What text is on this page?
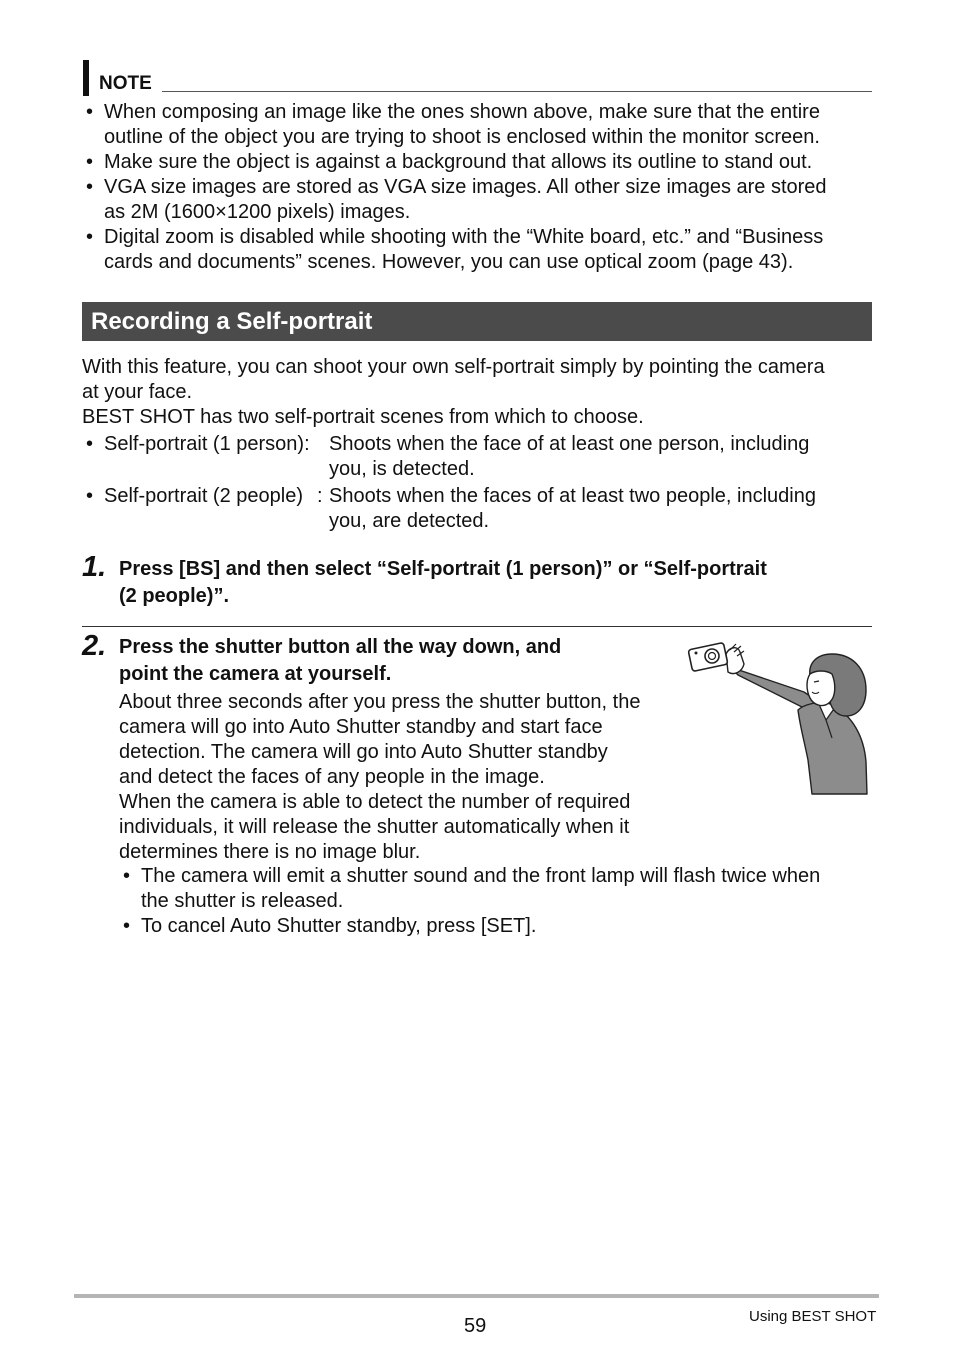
NOTE
• When composing an image like the ones shown above, make sure that the entire
outline of the object you are trying to shoot is enclosed within the monitor screen.
• Make sure the object is against a background that allows its outline to stand out.
• VGA size images are stored as VGA size images. All other size images are stored
as 2M (1600×1200 pixels) images.
• Digital zoom is disabled while shooting with the “White board, etc.” and “Business
cards and documents” scenes. However, you can use optical zoom (page 43).
Recording a Self-portrait
With this feature, you can shoot your own self-portrait simply by pointing the camera
at your face.
BEST SHOT has two self-portrait scenes from which to choose.
• Self-portrait (1 person): Shoots when the face of at least one person, including
you, is detected.
• Self-portrait (2 people) : Shoots when the faces of at least two people, including
you, are detected.
1. Press [BS] and then select “Self-portrait (1 person)” or “Self-portrait
(2 people)”.
2. Press the shutter button all the way down, and
point the camera at yourself.
About three seconds after you press the shutter button, the
camera will go into Auto Shutter standby and start face
detection. The camera will go into Auto Shutter standby
and detect the faces of any people in the image.
When the camera is able to detect the number of required
individuals, it will release the shutter automatically when it
determines there is no image blur.
• The camera will emit a shutter sound and the front lamp will flash twice when
the shutter is released.
• To cancel Auto Shutter standby, press [SET].
59	Using BEST SHOT
